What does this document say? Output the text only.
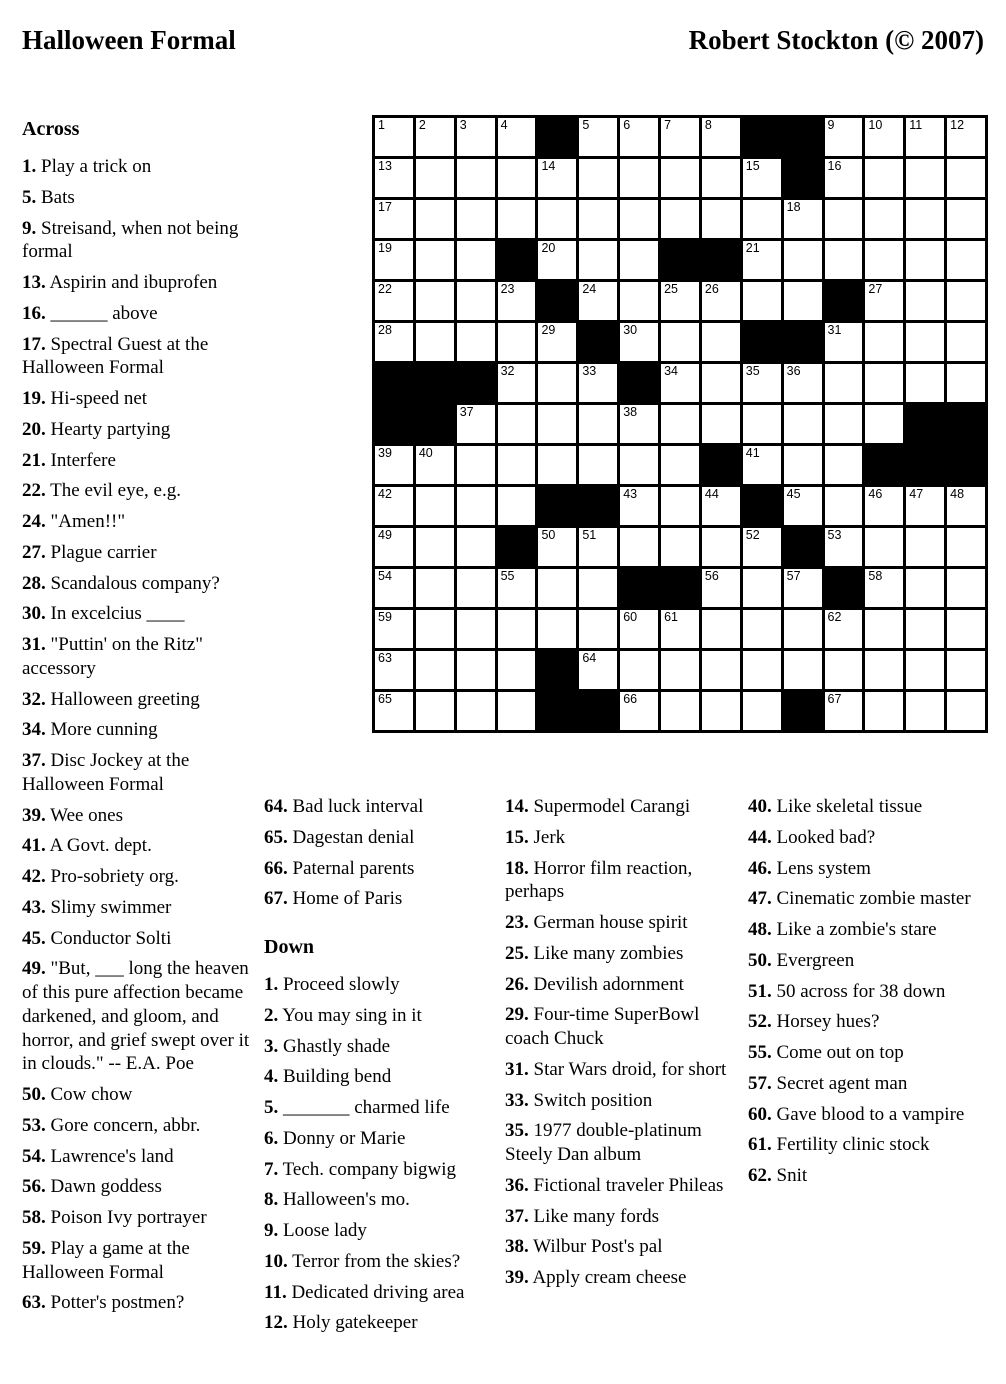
Halloween Formal	Robert Stockton (© 2007)
1	2	3	4	5	6	7	8	9	10 11 12
13	14	15	16
17	18
19	20	21
22	23	24	25 26	27
28	29	30	31
32	33	34	35 36
37	38
39 40	41
42	43	44	45	46 47 48
49	50 51	52	53
54	55	56	57	58
59	60 61	62
63	64
65	66	67
Across
1. Play a trick on
5. Bats
9. Streisand, when not being formal
13. Aspirin and ibuprofen
16. ______ above
17. Spectral Guest at the Halloween Formal
19. Hi-speed net
20. Hearty partying
21. Interfere
22. The evil eye, e.g.
24. "Amen!!"
27. Plague carrier
28. Scandalous company?
30. In excelcius ____
31. "Puttin' on the Ritz" accessory
32. Halloween greeting
34. More cunning
37. Disc Jockey at the Halloween Formal
39. Wee ones
41. A Govt. dept.
42. Pro-sobriety org.
43. Slimy swimmer
45. Conductor Solti
49. "But, ___ long the heaven of this pure affection became darkened, and gloom, and horror, and grief swept over it in clouds." -- E.A. Poe
50. Cow chow
53. Gore concern, abbr.
54. Lawrence's land
56. Dawn goddess
58. Poison Ivy portrayer
59. Play a game at the Halloween Formal
63. Potter's postmen?
64. Bad luck interval
65. Dagestan denial
66. Paternal parents
67. Home of Paris
Down
1. Proceed slowly
2. You may sing in it
3. Ghastly shade
4. Building bend
5. _______ charmed life
6. Donny or Marie
7. Tech. company bigwig
8. Halloween's mo.
9. Loose lady
10. Terror from the skies?
11. Dedicated driving area
12. Holy gatekeeper
14. Supermodel Carangi
15. Jerk
18. Horror film reaction, perhaps
23. German house spirit
25. Like many zombies
26. Devilish adornment
29. Four-time SuperBowl coach Chuck
31. Star Wars droid, for short
33. Switch position
35. 1977 double-platinum Steely Dan album
36. Fictional traveler Phileas
37. Like many fords
38. Wilbur Post's pal
39. Apply cream cheese
40. Like skeletal tissue
44. Looked bad?
46. Lens system
47. Cinematic zombie master
48. Like a zombie's stare
50. Evergreen
51. 50 across for 38 down
52. Horsey hues?
55. Come out on top
57. Secret agent man
60. Gave blood to a vampire
61. Fertility clinic stock
62. Snit
